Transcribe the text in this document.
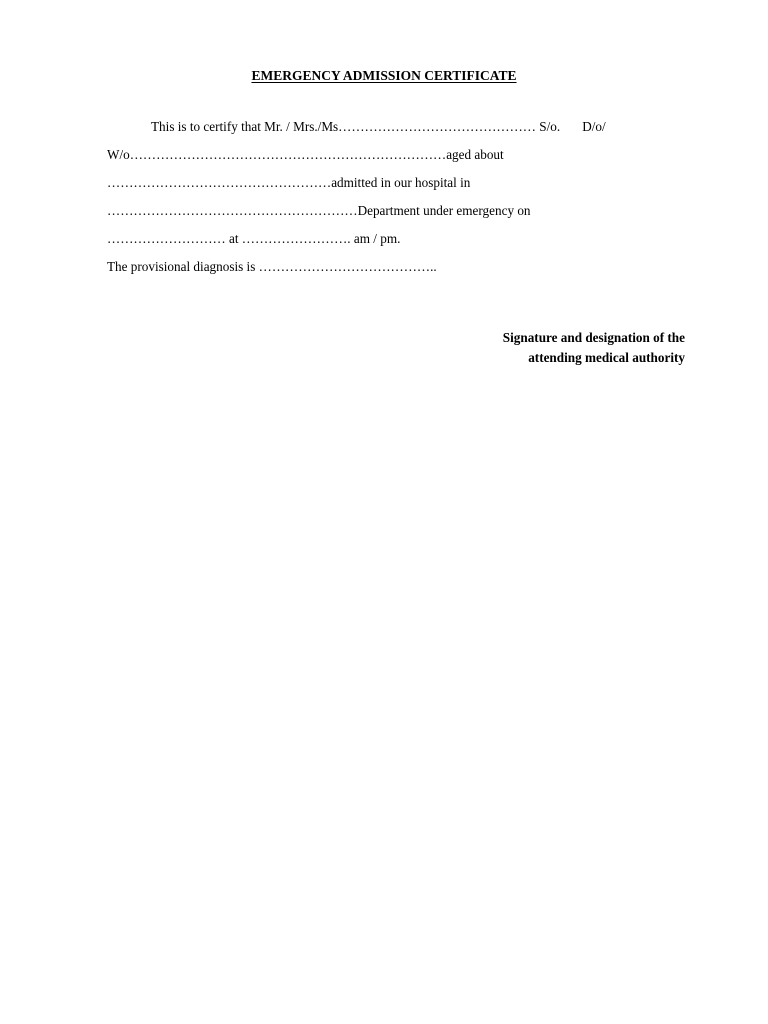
EMERGENCY ADMISSION CERTIFICATE
This is to certify that Mr. / Mrs./Ms……………………………………… S/o. D/o/
W/o………………………………………………………………aged about
……………………………………………admitted in our hospital in
…………………………………………………Department under emergency on
……………………… at ……………………. am / pm.
The provisional diagnosis is …………………………………..
Signature and designation of the
attending medical authority
